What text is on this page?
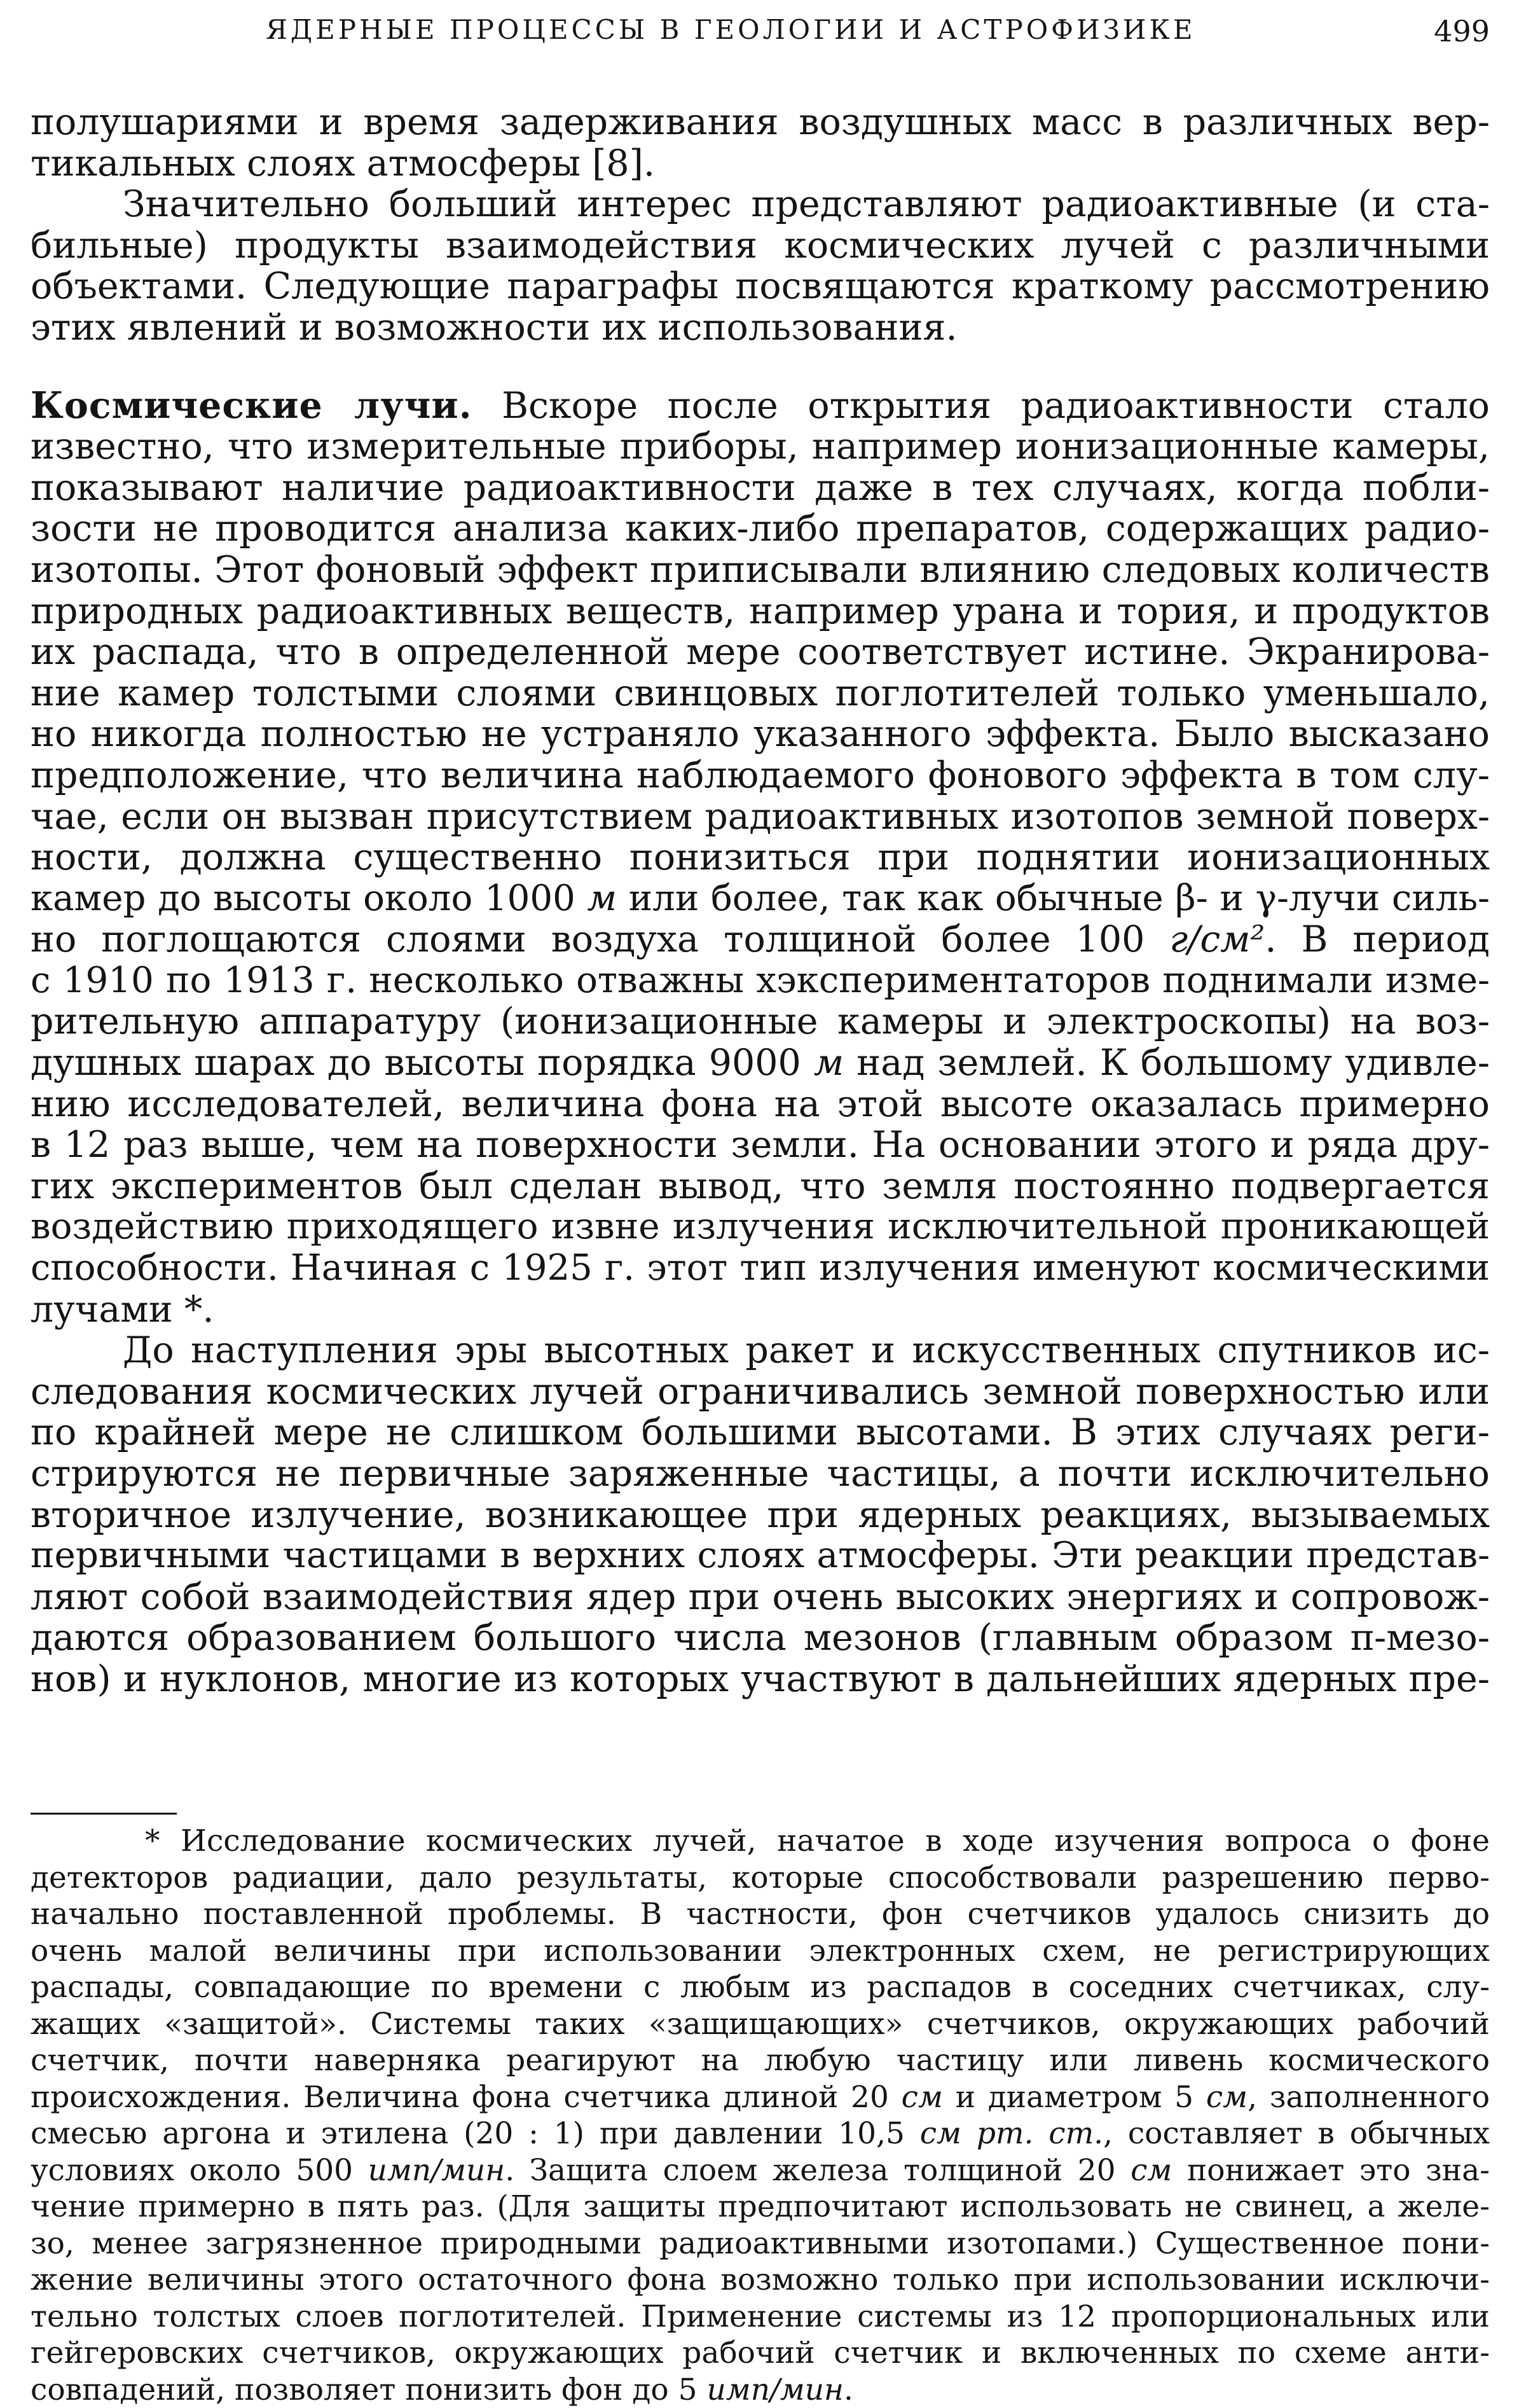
ЯДЕРНЫЕ ПРОЦЕССЫ В ГЕОЛОГИИ И АСТРОФИЗИКЕ	499
полушариями и время задерживания воздушных масс в различных вер-
тикальных слоях атмосферы [8].
Значительно больший интерес представляют радиоактивные (и ста-
бильные) продукты взаимодействия космических лучей с различными
объектами. Следующие параграфы посвящаются краткому рассмотрению
этих явлений и возможности их использования.
Космические лучи. Вскоре после открытия радиоактивности стало
известно, что измерительные приборы, например ионизационные камеры,
показывают наличие радиоактивности даже в тех случаях, когда побли-
зости не проводится анализа каких-либо препаратов, содержащих радио-
изотопы. Этот фоновый эффект приписывали влиянию следовых количеств
природных радиоактивных веществ, например урана и тория, и продуктов
их распада, что в определенной мере соответствует истине. Экранирова-
ние камер толстыми слоями свинцовых поглотителей только уменьшало,
но никогда полностью не устраняло указанного эффекта. Было высказано
предположение, что величина наблюдаемого фонового эффекта в том слу-
чае, если он вызван присутствием радиоактивных изотопов земной поверх-
ности, должна существенно понизиться при поднятии ионизационных
камер до высоты около 1000 м или более, так как обычные β- и γ-лучи силь-
но поглощаются слоями воздуха толщиной более 100 г/см². В период
с 1910 по 1913 г. несколько отважны хэкспериментаторов поднимали изме-
рительную аппаратуру (ионизационные камеры и электроскопы) на воз-
душных шарах до высоты порядка 9000 м над землей. К большому удивле-
нию исследователей, величина фона на этой высоте оказалась примерно
в 12 раз выше, чем на поверхности земли. На основании этого и ряда дру-
гих экспериментов был сделан вывод, что земля постоянно подвергается
воздействию приходящего извне излучения исключительной проникающей
способности. Начиная с 1925 г. этот тип излучения именуют космическими
лучами *.
До наступления эры высотных ракет и искусственных спутников ис-
следования космических лучей ограничивались земной поверхностью или
по крайней мере не слишком большими высотами. В этих случаях реги-
стрируются не первичные заряженные частицы, а почти исключительно
вторичное излучение, возникающее при ядерных реакциях, вызываемых
первичными частицами в верхних слоях атмосферы. Эти реакции представ-
ляют собой взаимодействия ядер при очень высоких энергиях и сопровож-
даются образованием большого числа мезонов (главным образом π-мезо-
нов) и нуклонов, многие из которых участвуют в дальнейших ядерных пре-
* Исследование космических лучей, начатое в ходе изучения вопроса о фоне
детекторов радиации, дало результаты, которые способствовали разрешению перво-
начально поставленной проблемы. В частности, фон счетчиков удалось снизить до
очень малой величины при использовании электронных схем, не регистрирующих
распады, совпадающие по времени с любым из распадов в соседних счетчиках, слу-
жащих «защитой». Системы таких «защищающих» счетчиков, окружающих рабочий
счетчик, почти наверняка реагируют на любую частицу или ливень космического
происхождения. Величина фона счетчика длиной 20 см и диаметром 5 см, заполненного
смесью аргона и этилена (20 : 1) при давлении 10,5 см рт. ст., составляет в обычных
условиях около 500 имп/мин. Защита слоем железа толщиной 20 см понижает это зна-
чение примерно в пять раз. (Для защиты предпочитают использовать не свинец, а желе-
зо, менее загрязненное природными радиоактивными изотопами.) Существенное пони-
жение величины этого остаточного фона возможно только при использовании исключи-
тельно толстых слоев поглотителей. Применение системы из 12 пропорциональных или
гейгеровских счетчиков, окружающих рабочий счетчик и включенных по схеме анти-
совпадений, позволяет понизить фон до 5 имп/мин.
